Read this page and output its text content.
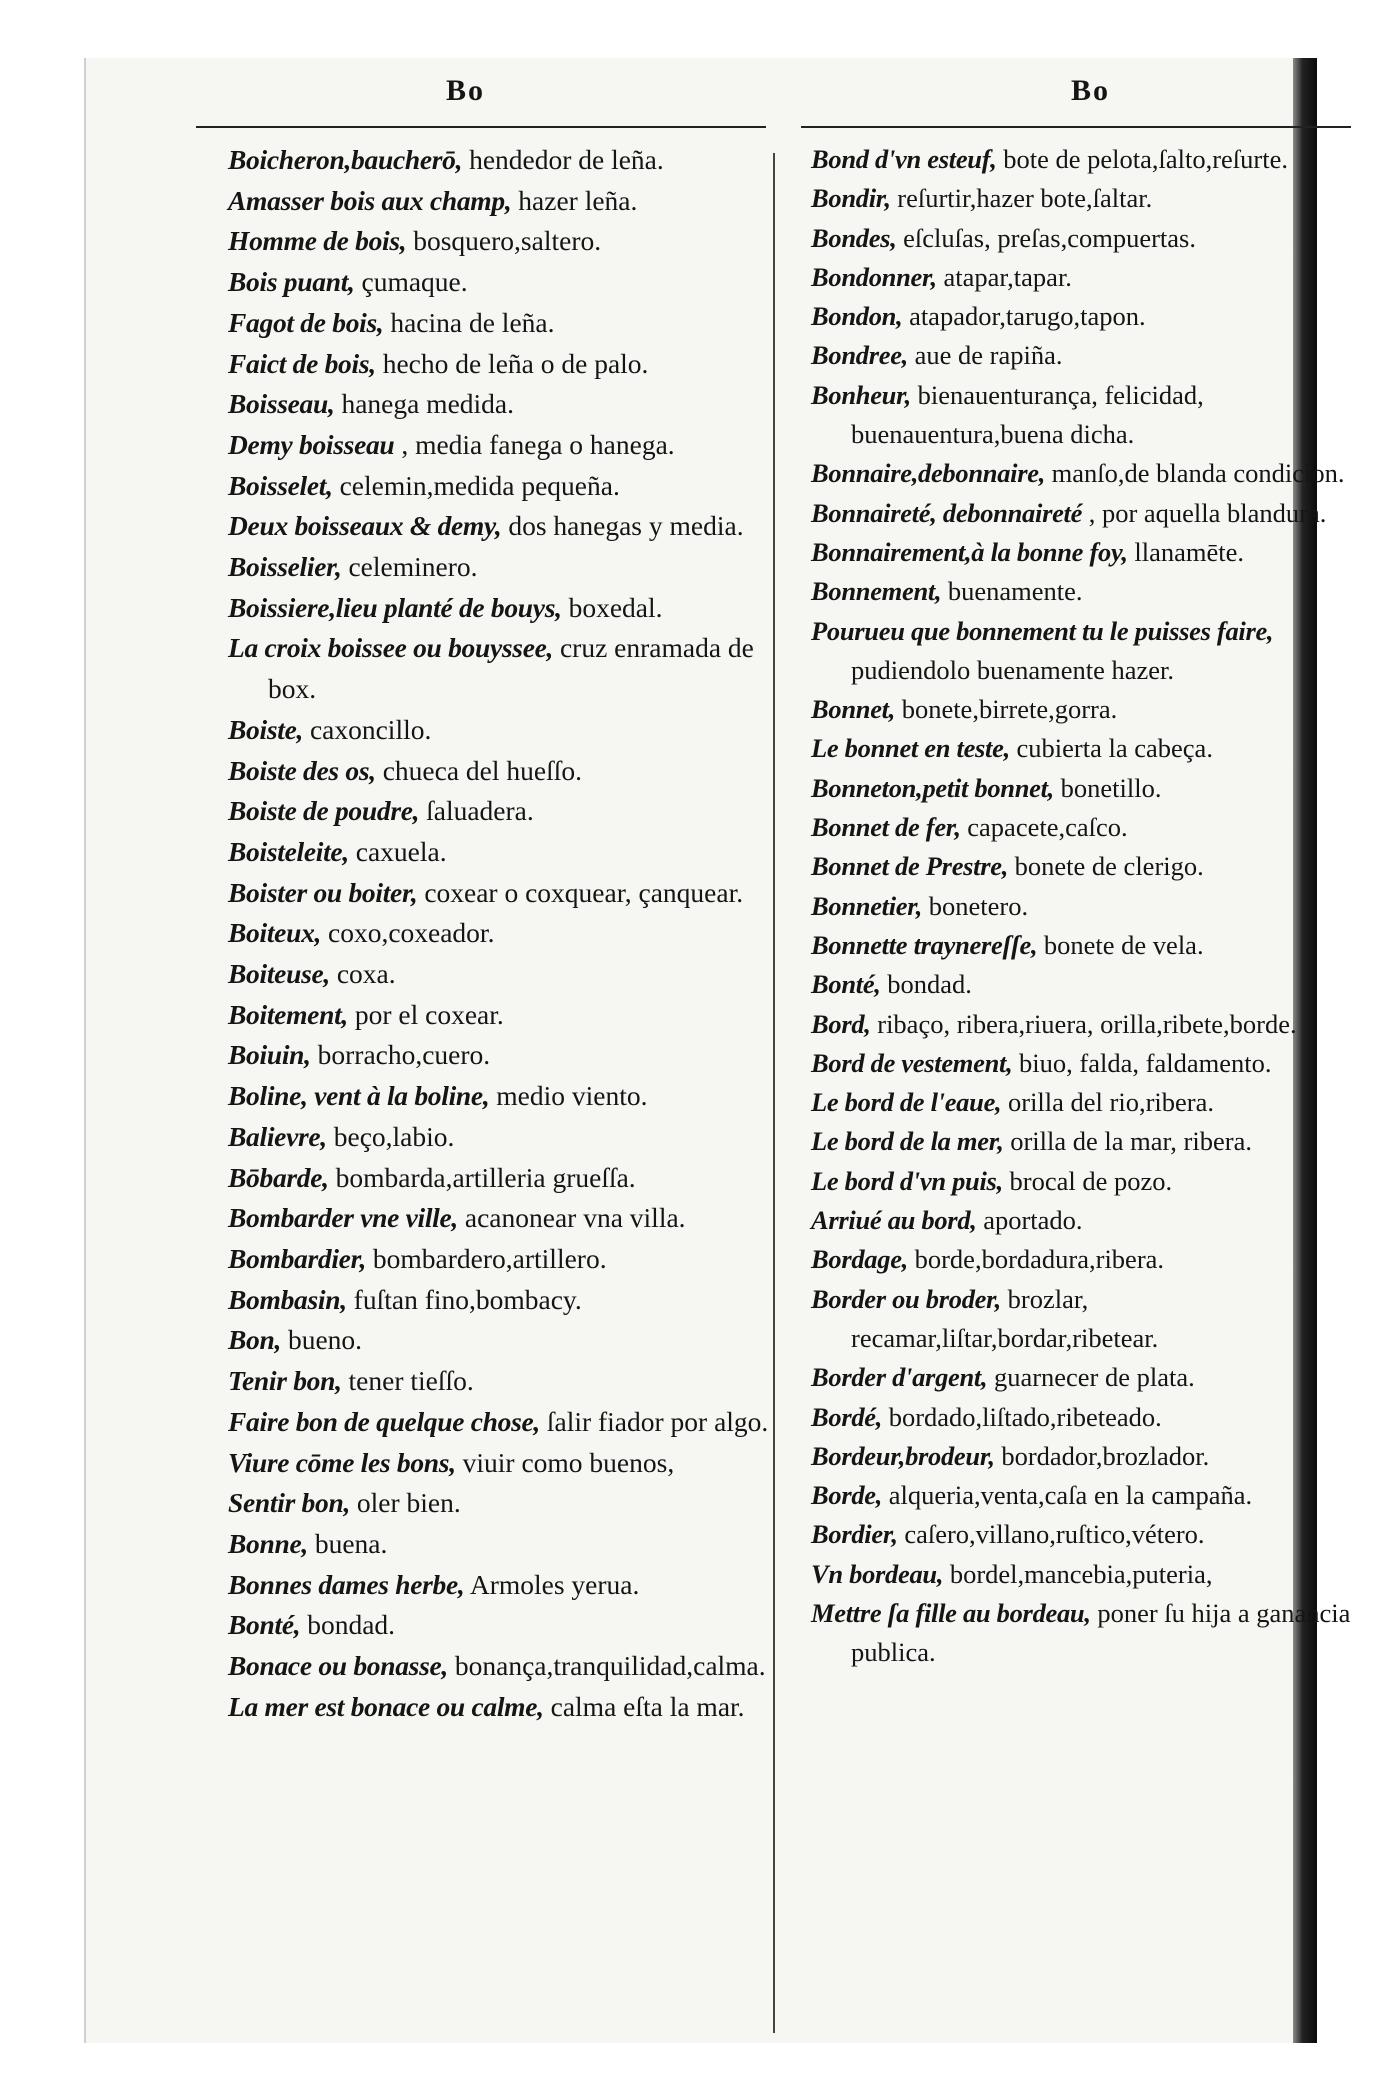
Bo	Bo
Boicheron,baucherō, hendedor de leña.
Amasser bois aux champ, hazer leña.
Homme de bois, bosquero,saltero.
Bois puant, çumaque.
Fagot de bois, hacina de leña.
Faict de bois, hecho de leña o de palo.
Boisseau, hanega medida.
Demy boisseau , media fanega o hanega.
Boisselet, celemin,medida pequeña.
Deux boisseaux & demy, dos hanegas y media.
Boisselier, celeminero.
Boissiere,lieu planté de bouys, boxedal.
La croix boissee ou bouyssee, cruz enramada de box.
Boiste, caxoncillo.
Boiste des os, chueca del hueſſo.
Boiste de poudre, ſaluadera.
Boisteleite, caxuela.
Boister ou boiter, coxear o coxquear, çanquear.
Boiteux, coxo,coxeador.
Boiteuse, coxa.
Boitement, por el coxear.
Boiuin, borracho,cuero.
Boline, vent à la boline, medio viento.
Balievre, beço,labio.
Bōbarde, bombarda,artilleria grueſſa.
Bombarder vne ville, acanonear vna villa.
Bombardier, bombardero,artillero.
Bombasin, fuſtan fino,bombacy.
Bon, bueno.
Tenir bon, tener tieſſo.
Faire bon de quelque chose, ſalir fiador por algo.
Viure cōme les bons, viuir como buenos,
Sentir bon, oler bien.
Bonne, buena.
Bonnes dames herbe, Armoles yerua.
Bonté, bondad.
Bonace ou bonasse, bonança,tranquilidad,calma.
La mer est bonace ou calme, calma eſta la mar.
Bond d'vn esteuf, bote de pelota,ſalto,reſurte.
Bondir, reſurtir,hazer bote,ſaltar.
Bondes, eſcluſas, preſas,compuertas.
Bondonner, atapar,tapar.
Bondon, atapador,tarugo,tapon.
Bondree, aue de rapiña.
Bonheur, bienauenturança, felicidad, buenauentura,buena dicha.
Bonnaire,debonnaire, manſo,de blanda condicion.
Bonnaireté, debonnaireté , por aquella blandura.
Bonnairement,à la bonne foy, llanamēte.
Bonnement, buenamente.
Pourueu que bonnement tu le puisses faire, pudiendolo buenamente hazer.
Bonnet, bonete,birrete,gorra.
Le bonnet en teste, cubierta la cabeça.
Bonneton,petit bonnet, bonetillo.
Bonnet de fer, capacete,caſco.
Bonnet de Prestre, bonete de clerigo.
Bonnetier, bonetero.
Bonnette traynereſſe, bonete de vela.
Bonté, bondad.
Bord, ribaço, ribera,riuera, orilla,ribete,borde.
Bord de vestement, biuo, falda, faldamento.
Le bord de l'eaue, orilla del rio,ribera.
Le bord de la mer, orilla de la mar, ribera.
Le bord d'vn puis, brocal de pozo.
Arriué au bord, aportado.
Bordage, borde,bordadura,ribera.
Border ou broder, brozlar, recamar,liſtar,bordar,ribetear.
Border d'argent, guarnecer de plata.
Bordé, bordado,liſtado,ribeteado.
Bordeur,brodeur, bordador,brozlador.
Borde, alqueria,venta,caſa en la campaña.
Bordier, caſero,villano,ruſtico,vétero.
Vn bordeau, bordel,mancebia,puteria,
Mettre ſa fille au bordeau, poner ſu hija a ganancia publica.
